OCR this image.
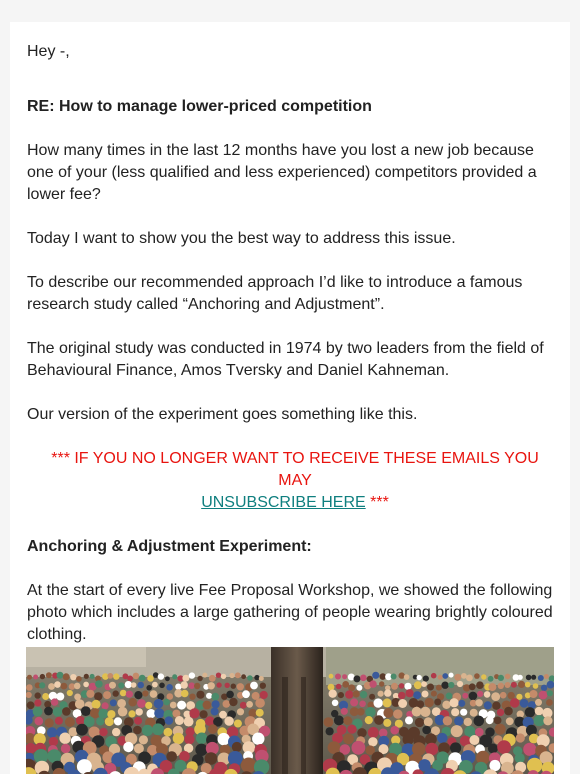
Hey -,

RE: How to manage lower-priced competition

How many times in the last 12 months have you lost a new job because one of your (less qualified and less experienced) competitors provided a lower fee?

Today I want to show you the best way to address this issue.

To describe our recommended approach I’d like to introduce a famous research study called “Anchoring and Adjustment”.

The original study was conducted in 1974 by two leaders from the field of Behavioural Finance, Amos Tversky and Daniel Kahneman.

Our version of the experiment goes something like this.

*** IF YOU NO LONGER WANT TO RECEIVE THESE EMAILS YOU MAY
UNSUBSCRIBE HERE ***

Anchoring & Adjustment Experiment:

At the start of every live Fee Proposal Workshop, we showed the following photo which includes a large gathering of people wearing brightly coloured clothing.
